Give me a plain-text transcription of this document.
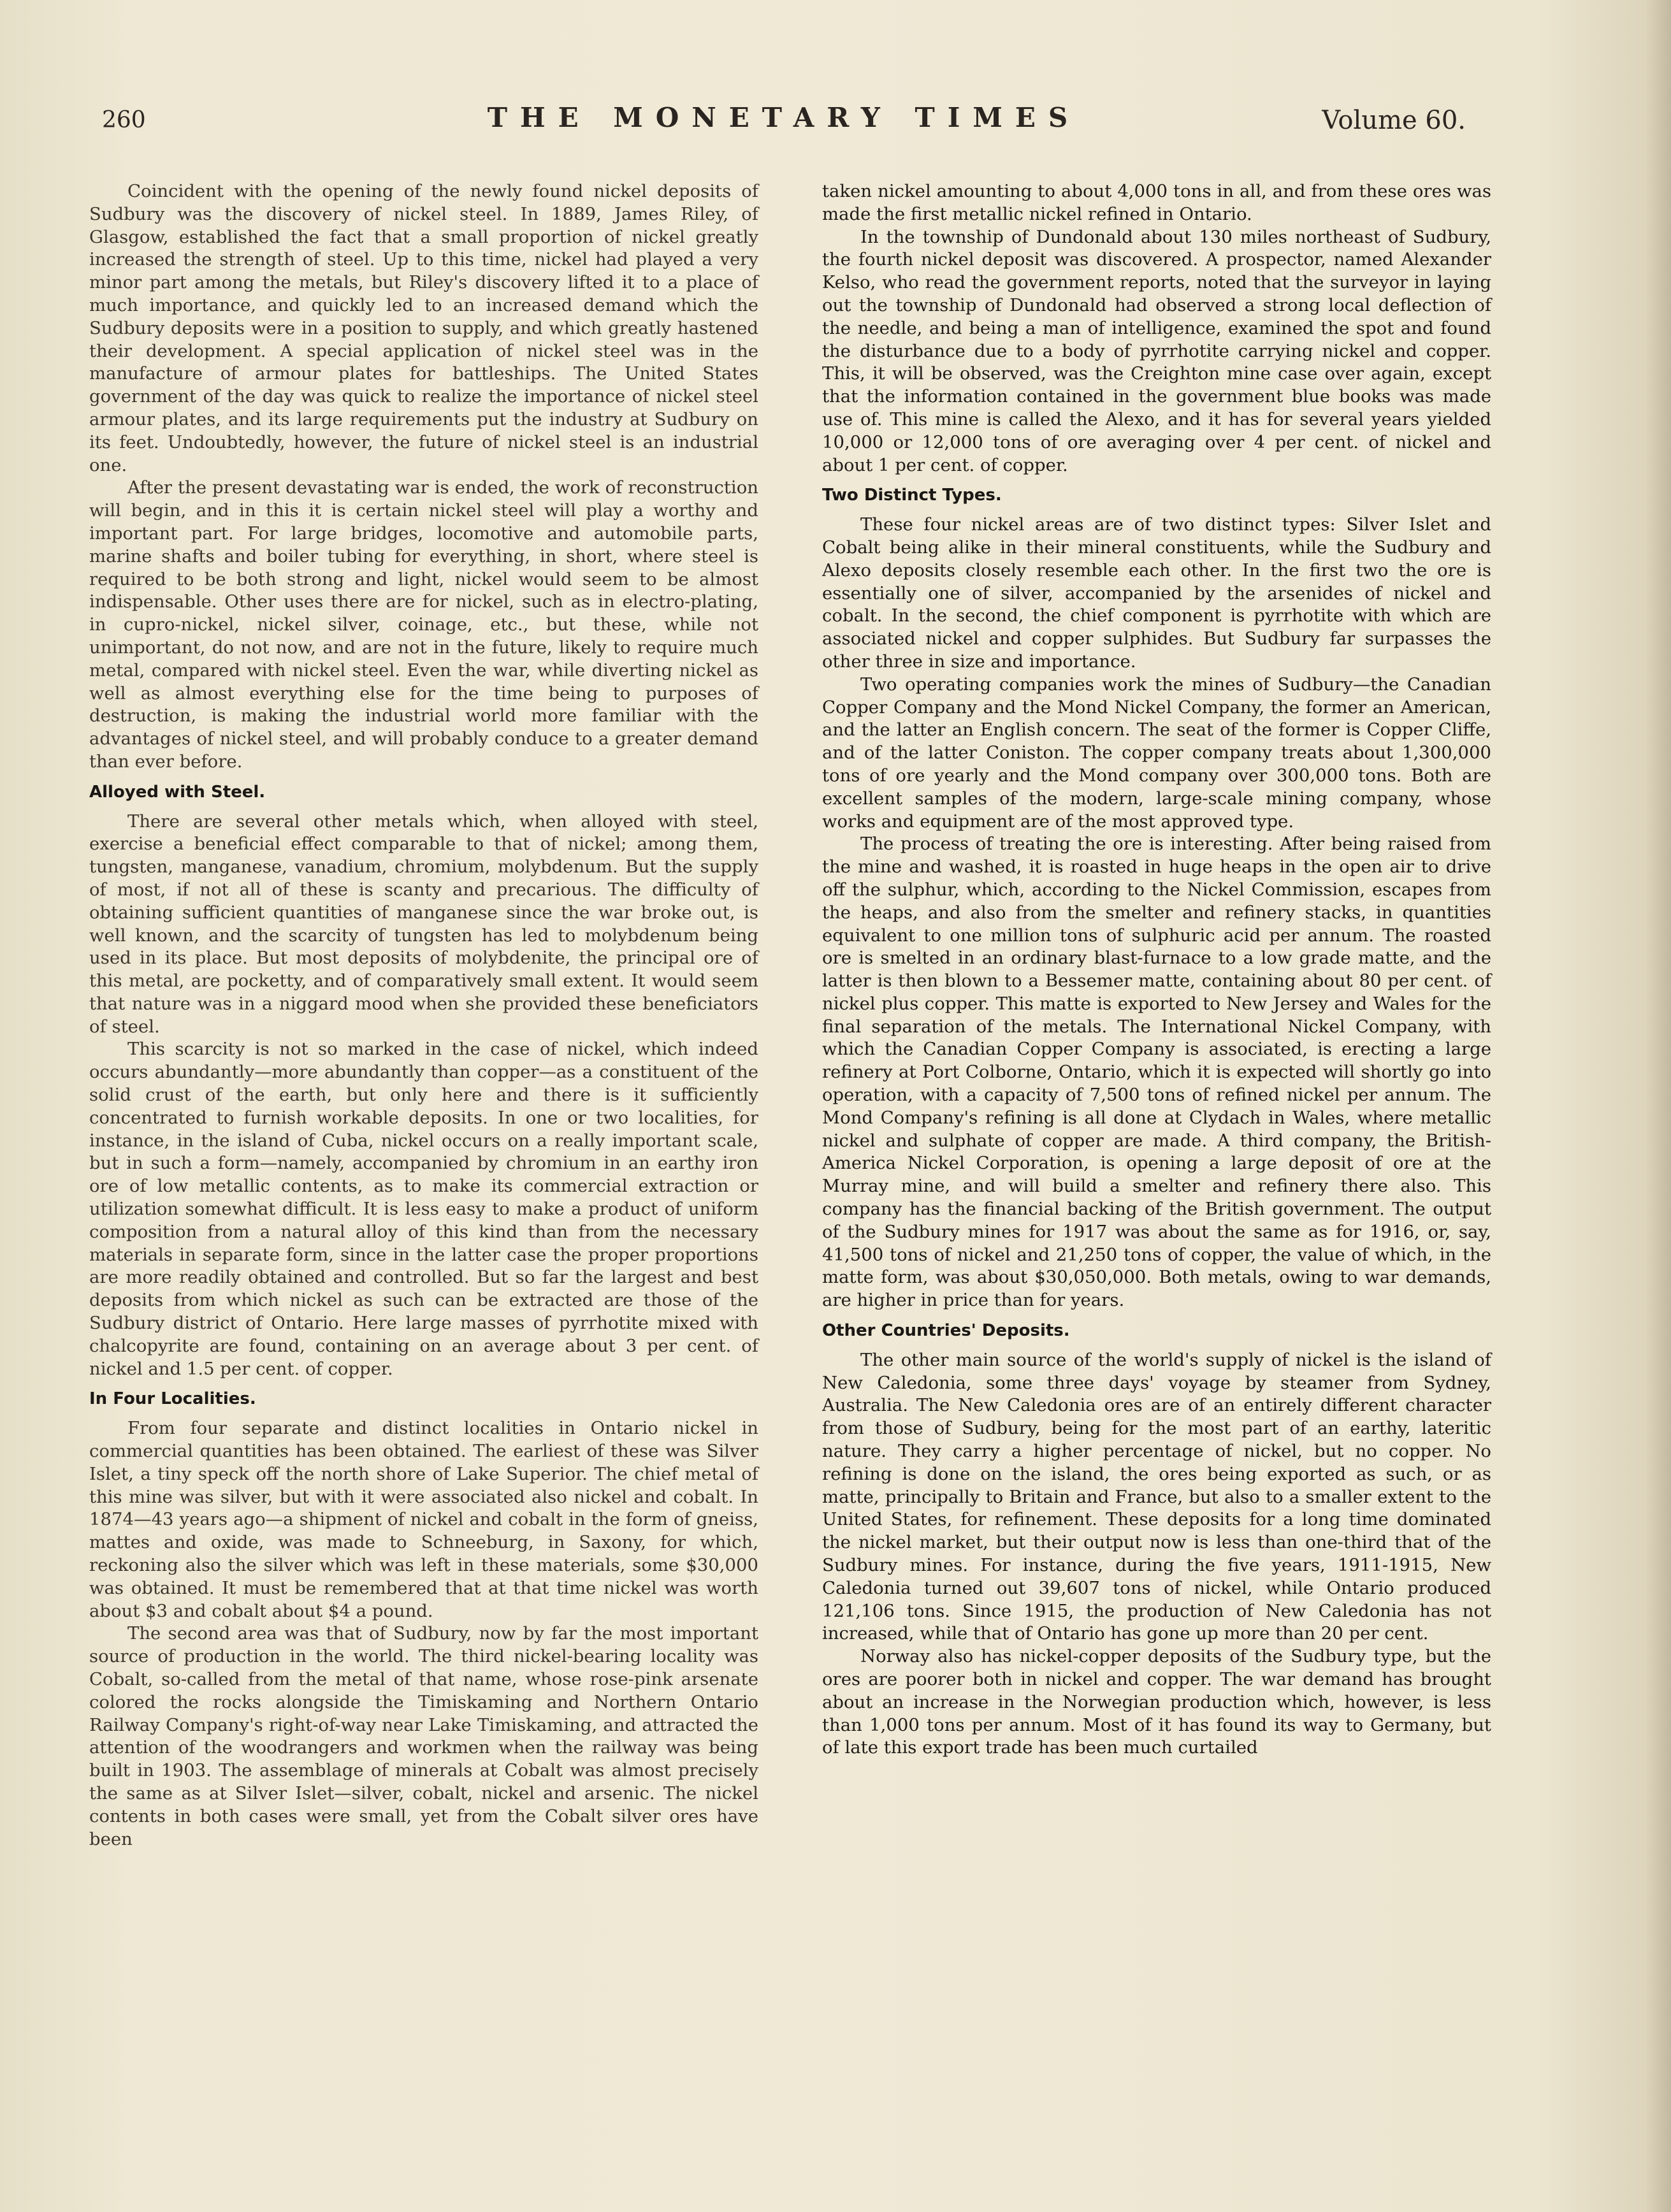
260	THE MONETARY TIMES	Volume 60.

Coincident with the opening of the newly found nickel deposits of Sudbury was the discovery of nickel steel. In 1889, James Riley, of Glasgow, established the fact that a small proportion of nickel greatly increased the strength of steel. Up to this time, nickel had played a very minor part among the metals, but Riley's discovery lifted it to a place of much importance, and quickly led to an increased demand which the Sudbury deposits were in a position to supply, and which greatly hastened their development. A special application of nickel steel was in the manufacture of armour plates for battleships. The United States government of the day was quick to realize the importance of nickel steel armour plates, and its large requirements put the industry at Sudbury on its feet. Undoubtedly, however, the future of nickel steel is an industrial one.

After the present devastating war is ended, the work of reconstruction will begin, and in this it is certain nickel steel will play a worthy and important part. For large bridges, locomotive and automobile parts, marine shafts and boiler tubing for everything, in short, where steel is required to be both strong and light, nickel would seem to be almost indispensable. Other uses there are for nickel, such as in electro-plating, in cupro-nickel, nickel silver, coinage, etc., but these, while not unimportant, do not now, and are not in the future, likely to require much metal, compared with nickel steel. Even the war, while diverting nickel as well as almost everything else for the time being to purposes of destruction, is making the industrial world more familiar with the advantages of nickel steel, and will probably conduce to a greater demand than ever before.

Alloyed with Steel.

There are several other metals which, when alloyed with steel, exercise a beneficial effect comparable to that of nickel; among them, tungsten, manganese, vanadium, chromium, molybdenum. But the supply of most, if not all of these is scanty and precarious. The difficulty of obtaining sufficient quantities of manganese since the war broke out, is well known, and the scarcity of tungsten has led to molybdenum being used in its place. But most deposits of molybdenite, the principal ore of this metal, are pocketty, and of comparatively small extent. It would seem that nature was in a niggard mood when she provided these beneficiators of steel.

This scarcity is not so marked in the case of nickel, which indeed occurs abundantly—more abundantly than copper—as a constituent of the solid crust of the earth, but only here and there is it sufficiently concentrated to furnish workable deposits. In one or two localities, for instance, in the island of Cuba, nickel occurs on a really important scale, but in such a form—namely, accompanied by chromium in an earthy iron ore of low metallic contents, as to make its commercial extraction or utilization somewhat difficult. It is less easy to make a product of uniform composition from a natural alloy of this kind than from the necessary materials in separate form, since in the latter case the proper proportions are more readily obtained and controlled. But so far the largest and best deposits from which nickel as such can be extracted are those of the Sudbury district of Ontario. Here large masses of pyrrhotite mixed with chalcopyrite are found, containing on an average about 3 per cent. of nickel and 1.5 per cent. of copper.

In Four Localities.

From four separate and distinct localities in Ontario nickel in commercial quantities has been obtained. The earliest of these was Silver Islet, a tiny speck off the north shore of Lake Superior. The chief metal of this mine was silver, but with it were associated also nickel and cobalt. In 1874—43 years ago—a shipment of nickel and cobalt in the form of gneiss, mattes and oxide, was made to Schneeburg, in Saxony, for which, reckoning also the silver which was left in these materials, some $30,000 was obtained. It must be remembered that at that time nickel was worth about $3 and cobalt about $4 a pound.

The second area was that of Sudbury, now by far the most important source of production in the world. The third nickel-bearing locality was Cobalt, so-called from the metal of that name, whose rose-pink arsenate colored the rocks alongside the Timiskaming and Northern Ontario Railway Company's right-of-way near Lake Timiskaming, and attracted the attention of the woodrangers and workmen when the railway was being built in 1903. The assemblage of minerals at Cobalt was almost precisely the same as at Silver Islet—silver, cobalt, nickel and arsenic. The nickel contents in both cases were small, yet from the Cobalt silver ores have been

taken nickel amounting to about 4,000 tons in all, and from these ores was made the first metallic nickel refined in Ontario.

In the township of Dundonald about 130 miles northeast of Sudbury, the fourth nickel deposit was discovered. A prospector, named Alexander Kelso, who read the government reports, noted that the surveyor in laying out the township of Dundonald had observed a strong local deflection of the needle, and being a man of intelligence, examined the spot and found the disturbance due to a body of pyrrhotite carrying nickel and copper. This, it will be observed, was the Creighton mine case over again, except that the information contained in the government blue books was made use of. This mine is called the Alexo, and it has for several years yielded 10,000 or 12,000 tons of ore averaging over 4 per cent. of nickel and about 1 per cent. of copper.

Two Distinct Types.

These four nickel areas are of two distinct types: Silver Islet and Cobalt being alike in their mineral constituents, while the Sudbury and Alexo deposits closely resemble each other. In the first two the ore is essentially one of silver, accompanied by the arsenides of nickel and cobalt. In the second, the chief component is pyrrhotite with which are associated nickel and copper sulphides. But Sudbury far surpasses the other three in size and importance.

Two operating companies work the mines of Sudbury—the Canadian Copper Company and the Mond Nickel Company, the former an American, and the latter an English concern. The seat of the former is Copper Cliffe, and of the latter Coniston. The copper company treats about 1,300,000 tons of ore yearly and the Mond company over 300,000 tons. Both are excellent samples of the modern, large-scale mining company, whose works and equipment are of the most approved type.

The process of treating the ore is interesting. After being raised from the mine and washed, it is roasted in huge heaps in the open air to drive off the sulphur, which, according to the Nickel Commission, escapes from the heaps, and also from the smelter and refinery stacks, in quantities equivalent to one million tons of sulphuric acid per annum. The roasted ore is smelted in an ordinary blast-furnace to a low grade matte, and the latter is then blown to a Bessemer matte, containing about 80 per cent. of nickel plus copper. This matte is exported to New Jersey and Wales for the final separation of the metals. The International Nickel Company, with which the Canadian Copper Company is associated, is erecting a large refinery at Port Colborne, Ontario, which it is expected will shortly go into operation, with a capacity of 7,500 tons of refined nickel per annum. The Mond Company's refining is all done at Clydach in Wales, where metallic nickel and sulphate of copper are made. A third company, the British-America Nickel Corporation, is opening a large deposit of ore at the Murray mine, and will build a smelter and refinery there also. This company has the financial backing of the British government. The output of the Sudbury mines for 1917 was about the same as for 1916, or, say, 41,500 tons of nickel and 21,250 tons of copper, the value of which, in the matte form, was about $30,050,000. Both metals, owing to war demands, are higher in price than for years.

Other Countries' Deposits.

The other main source of the world's supply of nickel is the island of New Caledonia, some three days' voyage by steamer from Sydney, Australia. The New Caledonia ores are of an entirely different character from those of Sudbury, being for the most part of an earthy, lateritic nature. They carry a higher percentage of nickel, but no copper. No refining is done on the island, the ores being exported as such, or as matte, principally to Britain and France, but also to a smaller extent to the United States, for refinement. These deposits for a long time dominated the nickel market, but their output now is less than one-third that of the Sudbury mines. For instance, during the five years, 1911-1915, New Caledonia turned out 39,607 tons of nickel, while Ontario produced 121,106 tons. Since 1915, the production of New Caledonia has not increased, while that of Ontario has gone up more than 20 per cent.

Norway also has nickel-copper deposits of the Sudbury type, but the ores are poorer both in nickel and copper. The war demand has brought about an increase in the Norwegian production which, however, is less than 1,000 tons per annum. Most of it has found its way to Germany, but of late this export trade has been much curtailed
